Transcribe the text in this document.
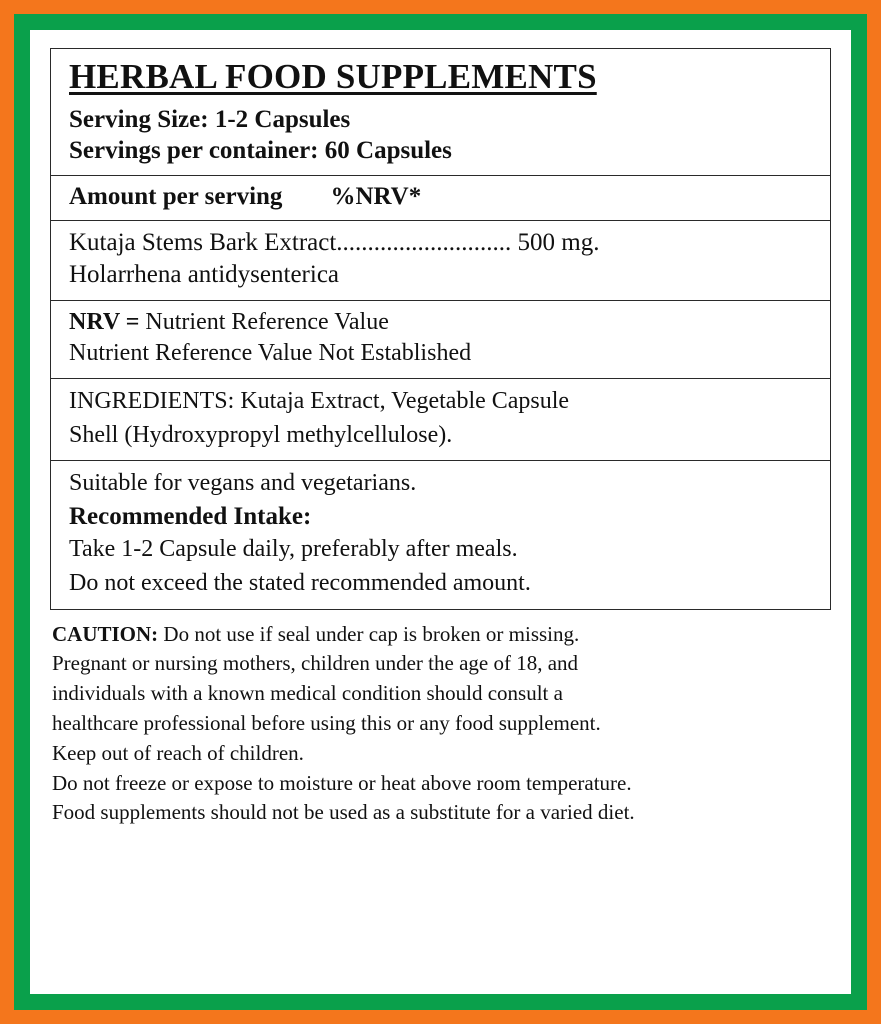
HERBAL FOOD SUPPLEMENTS
Serving Size: 1-2 Capsules
Servings per container: 60 Capsules
Amount per serving %NRV*
Kutaja Stems Bark Extract............................ 500 mg.
Holarrhena antidysenterica
NRV = Nutrient Reference Value
Nutrient Reference Value Not Established
INGREDIENTS: Kutaja Extract, Vegetable Capsule
Shell (Hydroxypropyl methylcellulose).
Suitable for vegans and vegetarians.
Recommended Intake:
Take 1-2 Capsule daily, preferably after meals.
Do not exceed the stated recommended amount.

CAUTION: Do not use if seal under cap is broken or missing.

Pregnant or nursing mothers, children under the age of 18, and

individuals with a known medical condition should consult a

healthcare professional before using this or any food supplement.

Keep out of reach of children.

Do not freeze or expose to moisture or heat above room temperature.

Food supplements should not be used as a substitute for a varied diet.
